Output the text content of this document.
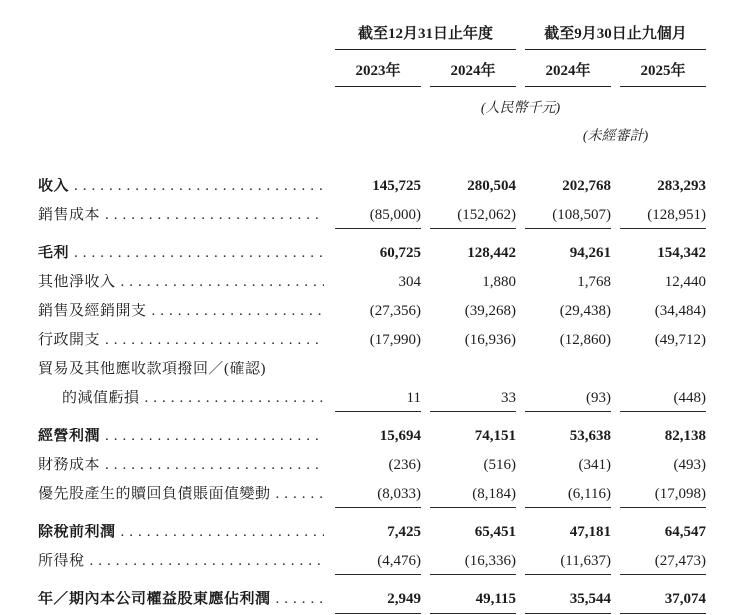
截至12月31日止年度	截至9月30日止九個月
2023年	2024年	2024年	2025年
(人民幣千元)
(未經審計)
收入 .....	145,725	280,504	202,768	283,293
銷售成本 .....	(85,000)	(152,062)	(108,507)	(128,951)
毛利 .....	60,725	128,442	94,261	154,342
其他淨收入 .....	304	1,880	1,768	12,440
銷售及經銷開支 .....	(27,356)	(39,268)	(29,438)	(34,484)
行政開支 .....	(17,990)	(16,936)	(12,860)	(49,712)
貿易及其他應收款項撥回／(確認)
的減值虧損 .....	11	33	(93)	(448)
經營利潤 .....	15,694	74,151	53,638	82,138
財務成本 .....	(236)	(516)	(341)	(493)
優先股產生的贖回負債賬面值變動 .....	(8,033)	(8,184)	(6,116)	(17,098)
除稅前利潤 .....	7,425	65,451	47,181	64,547
所得稅 .....	(4,476)	(16,336)	(11,637)	(27,473)
年／期內本公司權益股東應佔利潤 .....	2,949	49,115	35,544	37,074
